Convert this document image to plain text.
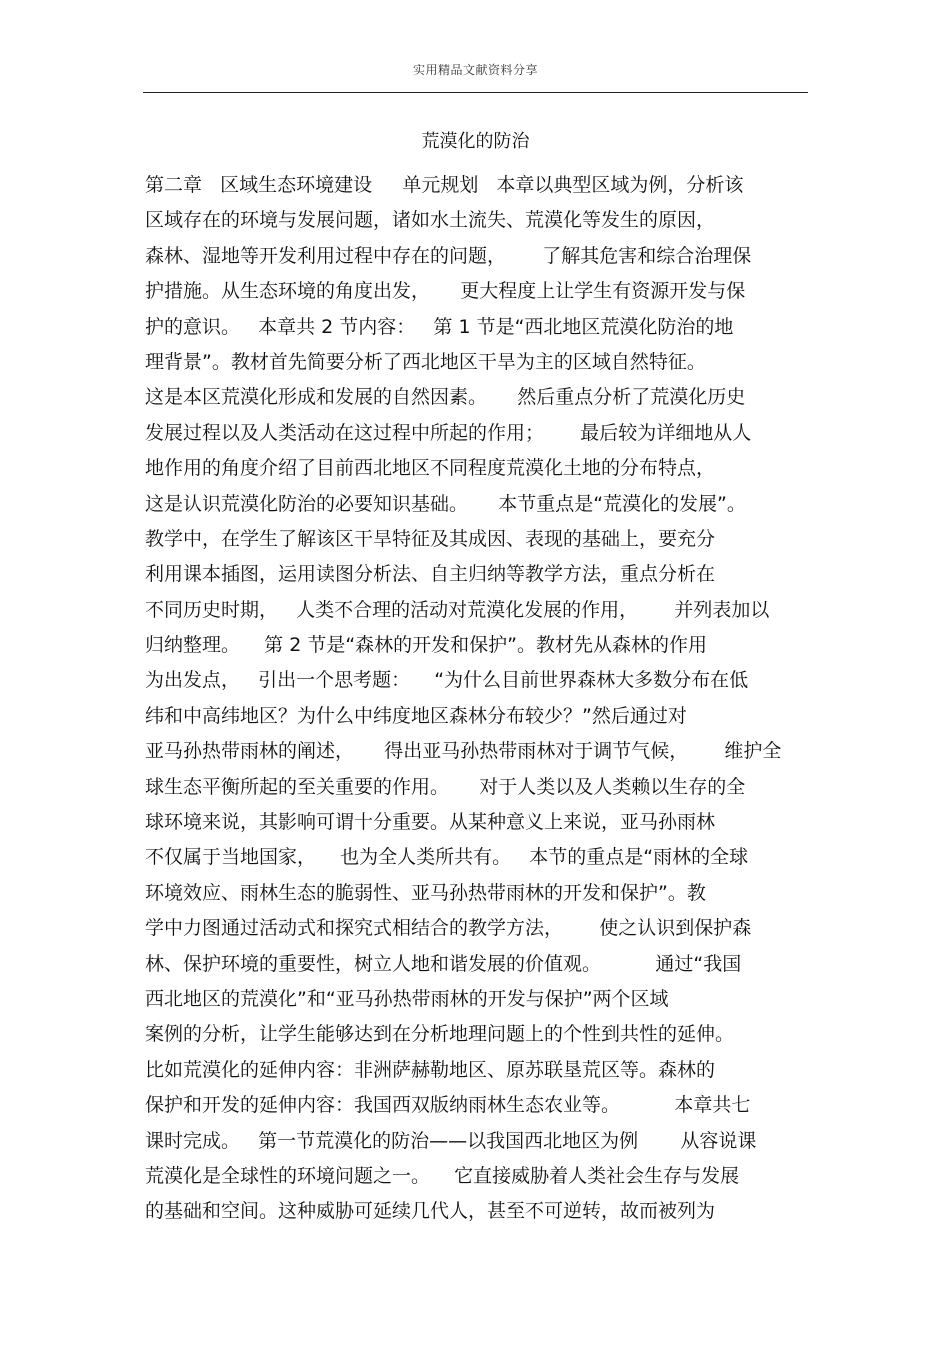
实用精品文献资料分享
荒漠化的防治
第二章   区域生态环境建设     单元规划   本章以典型区域为例，分析该
区域存在的环境与发展问题，诸如水土流失、荒漠化等发生的原因，
森林、湿地等开发利用过程中存在的问题，      了解其危害和综合治理保
护措施。从生态环境的角度出发，     更大程度上让学生有资源开发与保
护的意识。   本章共 2 节内容：   第 1 节是“西北地区荒漠化防治的地
理背景”。教材首先简要分析了西北地区干旱为主的区域自然特征。
这是本区荒漠化形成和发展的自然因素。     然后重点分析了荒漠化历史
发展过程以及人类活动在这过程中所起的作用；      最后较为详细地从人
地作用的角度介绍了目前西北地区不同程度荒漠化土地的分布特点，
这是认识荒漠化防治的必要知识基础。     本节重点是“荒漠化的发展”。
教学中，在学生了解该区干旱特征及其成因、表现的基础上，要充分
利用课本插图，运用读图分析法、自主归纳等教学方法，重点分析在
不同历史时期，   人类不合理的活动对荒漠化发展的作用，      并列表加以
归纳整理。    第 2 节是“森林的开发和保护”。教材先从森林的作用
为出发点，   引出一个思考题：    “为什么目前世界森林大多数分布在低
纬和中高纬地区？为什么中纬度地区森林分布较少？”然后通过对
亚马孙热带雨林的阐述，     得出亚马孙热带雨林对于调节气候，      维护全
球生态平衡所起的至关重要的作用。     对于人类以及人类赖以生存的全
球环境来说，其影响可谓十分重要。从某种意义上来说，亚马孙雨林
不仅属于当地国家，    也为全人类所共有。   本节的重点是“雨林的全球
环境效应、雨林生态的脆弱性、亚马孙热带雨林的开发和保护”。教
学中力图通过活动式和探究式相结合的教学方法，      使之认识到保护森
林、保护环境的重要性，树立人地和谐发展的价值观。         通过“我国
西北地区的荒漠化”和“亚马孙热带雨林的开发与保护”两个区域
案例的分析，让学生能够达到在分析地理问题上的个性到共性的延伸。
比如荒漠化的延伸内容：非洲萨赫勒地区、原苏联垦荒区等。森林的
保护和开发的延伸内容：我国西双版纳雨林生态农业等。         本章共七
课时完成。   第一节荒漠化的防治——以我国西北地区为例       从容说课
荒漠化是全球性的环境问题之一。    它直接威胁着人类社会生存与发展
的基础和空间。这种威胁可延续几代人，甚至不可逆转，故而被列为
